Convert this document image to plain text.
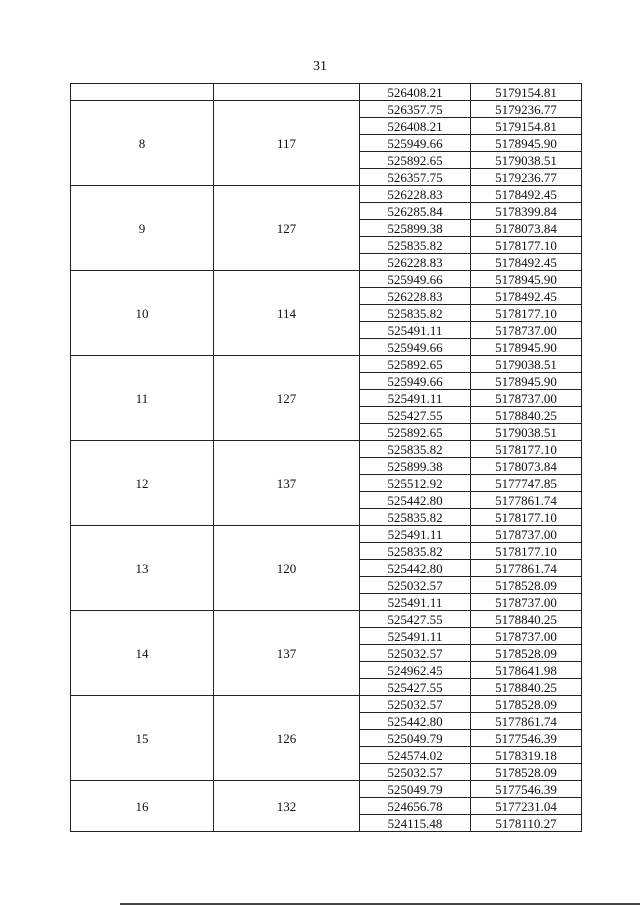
31
		526408.21	5179154.81
8	117	526357.75	5179236.77
		526408.21	5179154.81
		525949.66	5178945.90
		525892.65	5179038.51
		526357.75	5179236.77
9	127	526228.83	5178492.45
		526285.84	5178399.84
		525899.38	5178073.84
		525835.82	5178177.10
		526228.83	5178492.45
10	114	525949.66	5178945.90
		526228.83	5178492.45
		525835.82	5178177.10
		525491.11	5178737.00
		525949.66	5178945.90
11	127	525892.65	5179038.51
		525949.66	5178945.90
		525491.11	5178737.00
		525427.55	5178840.25
		525892.65	5179038.51
12	137	525835.82	5178177.10
		525899.38	5178073.84
		525512.92	5177747.85
		525442.80	5177861.74
		525835.82	5178177.10
13	120	525491.11	5178737.00
		525835.82	5178177.10
		525442.80	5177861.74
		525032.57	5178528.09
		525491.11	5178737.00
14	137	525427.55	5178840.25
		525491.11	5178737.00
		525032.57	5178528.09
		524962.45	5178641.98
		525427.55	5178840.25
15	126	525032.57	5178528.09
		525442.80	5177861.74
		525049.79	5177546.39
		524574.02	5178319.18
		525032.57	5178528.09
16	132	525049.79	5177546.39
		524656.78	5177231.04
		524115.48	5178110.27
